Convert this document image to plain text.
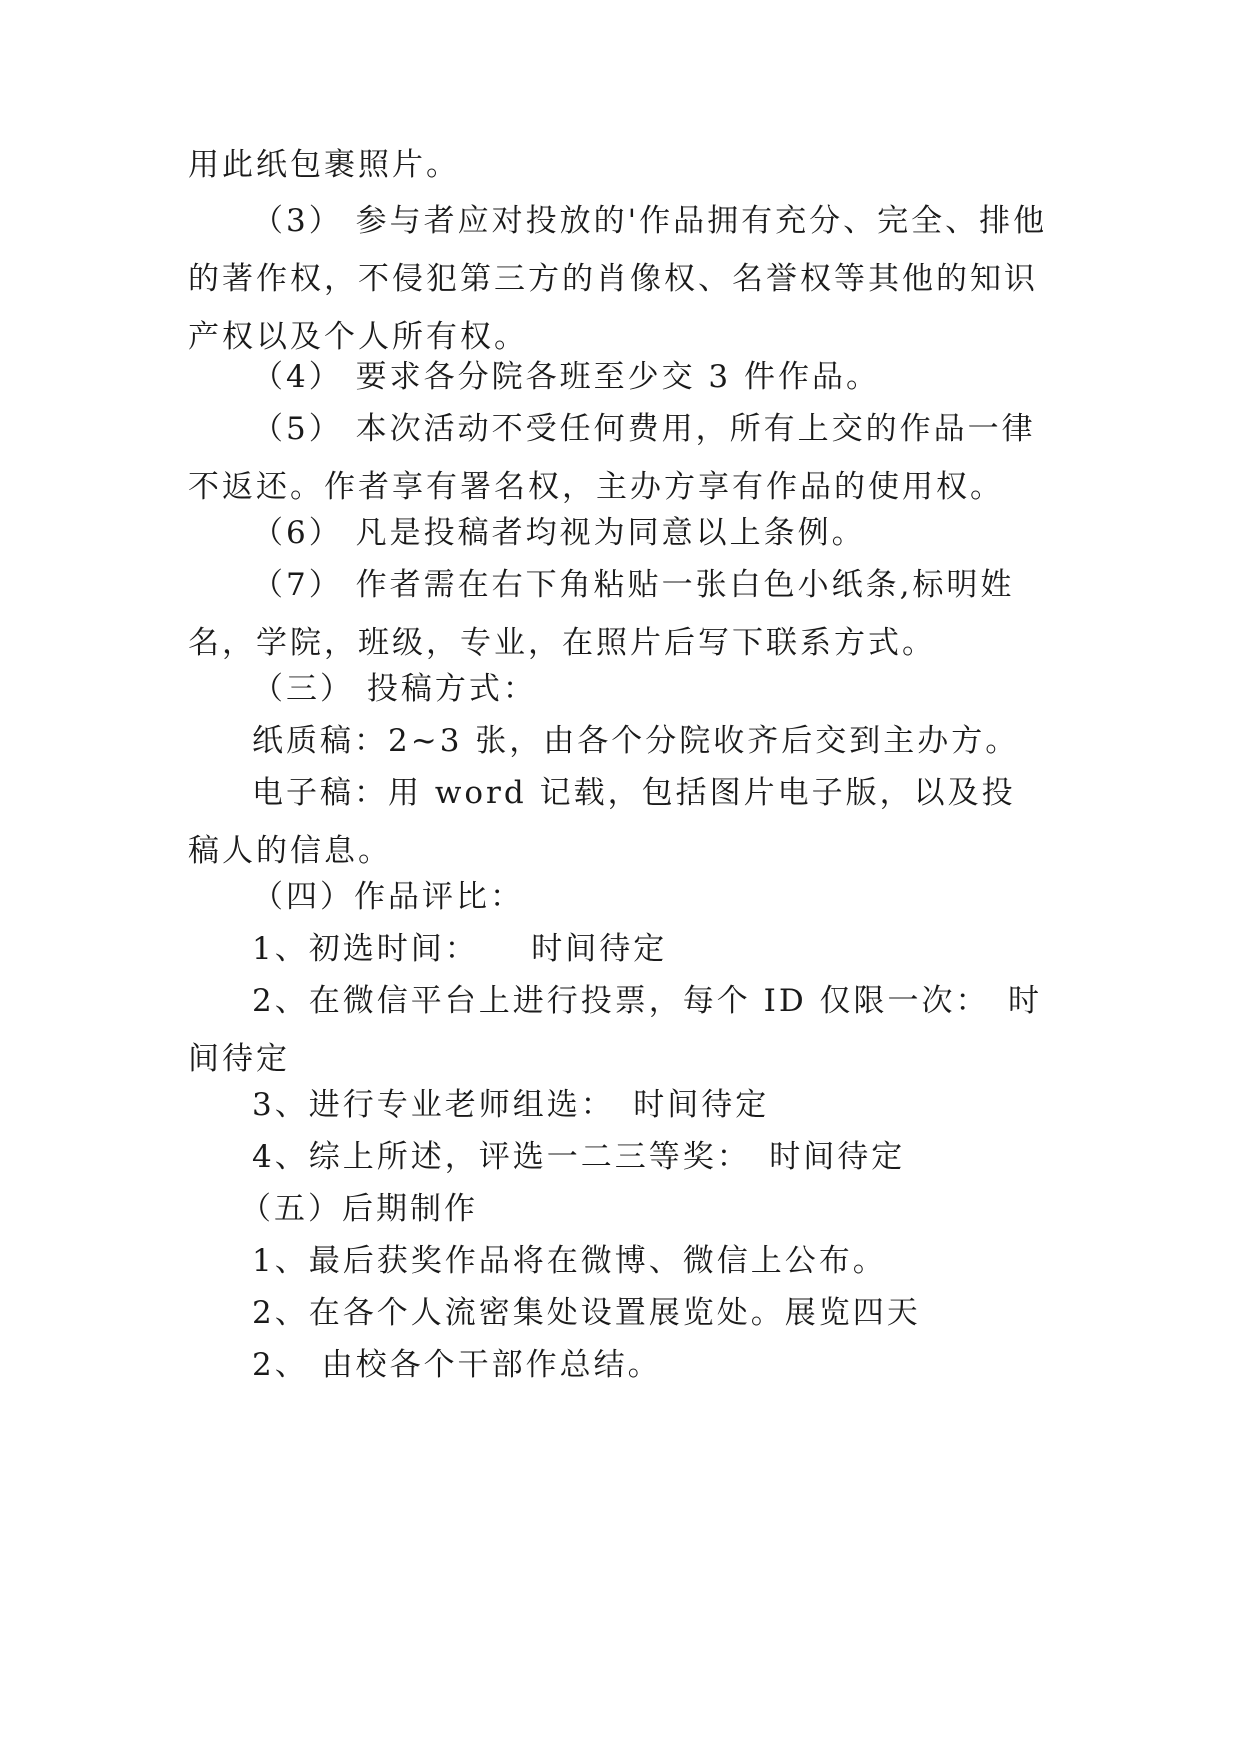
用此纸包裹照片。

（3） 参与者应对投放的'作品拥有充分、完全、排他的著作权，不侵犯第三方的肖像权、名誉权等其他的知识产权以及个人所有权。

（4） 要求各分院各班至少交 3 件作品。

（5） 本次活动不受任何费用，所有上交的作品一律不返还。作者享有署名权，主办方享有作品的使用权。

（6） 凡是投稿者均视为同意以上条例。

（7） 作者需在右下角粘贴一张白色小纸条,标明姓名，学院，班级，专业，在照片后写下联系方式。

（三） 投稿方式：

纸质稿：2~3 张，由各个分院收齐后交到主办方。

电子稿：用 word 记载，包括图片电子版，以及投稿人的信息。

（四）作品评比：

1、初选时间：　　时间待定

2、在微信平台上进行投票，每个 ID 仅限一次：　时间待定

3、进行专业老师组选：　时间待定

4、综上所述，评选一二三等奖：　时间待定

（五）后期制作

1、最后获奖作品将在微博、微信上公布。

2、在各个人流密集处设置展览处。展览四天

2、 由校各个干部作总结。
